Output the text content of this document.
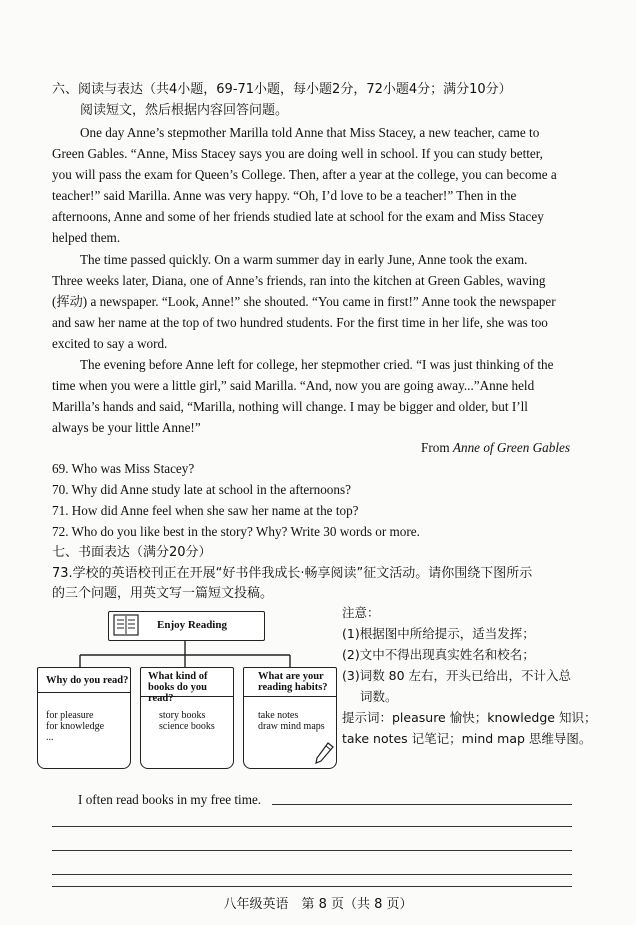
六、阅读与表达（共4小题，69-71小题，每小题2分，72小题4分；满分10分）
阅读短文，然后根据内容回答问题。
One day Anne’s stepmother Marilla told Anne that Miss Stacey, a new teacher, came to
Green Gables. “Anne, Miss Stacey says you are doing well in school. If you can study better,
you will pass the exam for Queen’s College. Then, after a year at the college, you can become a
teacher!” said Marilla. Anne was very happy. “Oh, I’d love to be a teacher!” Then in the
afternoons, Anne and some of her friends studied late at school for the exam and Miss Stacey
helped them.
The time passed quickly. On a warm summer day in early June, Anne took the exam.
Three weeks later, Diana, one of Anne’s friends, ran into the kitchen at Green Gables, waving
(挥动) a newspaper. “Look, Anne!” she shouted. “You came in first!” Anne took the newspaper
and saw her name at the top of two hundred students. For the first time in her life, she was too
excited to say a word.
The evening before Anne left for college, her stepmother cried. “I was just thinking of the
time when you were a little girl,” said Marilla. “And, now you are going away...”Anne held
Marilla’s hands and said, “Marilla, nothing will change. I may be bigger and older, but I’ll
always be your little Anne!”
From Anne of Green Gables
69. Who was Miss Stacey?
70. Why did Anne study late at school in the afternoons?
71. How did Anne feel when she saw her name at the top?
72. Who do you like best in the story? Why? Write 30 words or more.
七、书面表达（满分20分）
73.学校的英语校刊正在开展“好书伴我成长·畅享阅读”征文活动。请你围绕下图所示
的三个问题，用英文写一篇短文投稿。
Enjoy Reading
Why do you read?
for pleasure
for knowledge
...
What kind of books do you read?
story books
science books
What are your reading habits?
take notes
draw mind maps
注意：
(1)根据图中所给提示，适当发挥；
(2)文中不得出现真实姓名和校名；
(3)词数 80 左右，开头已给出，不计入总
词数。
提示词：pleasure 愉快；knowledge 知识；
take notes 记笔记；mind map 思维导图。
I often read books in my free time.
八年级英语　第 8 页（共 8 页）
